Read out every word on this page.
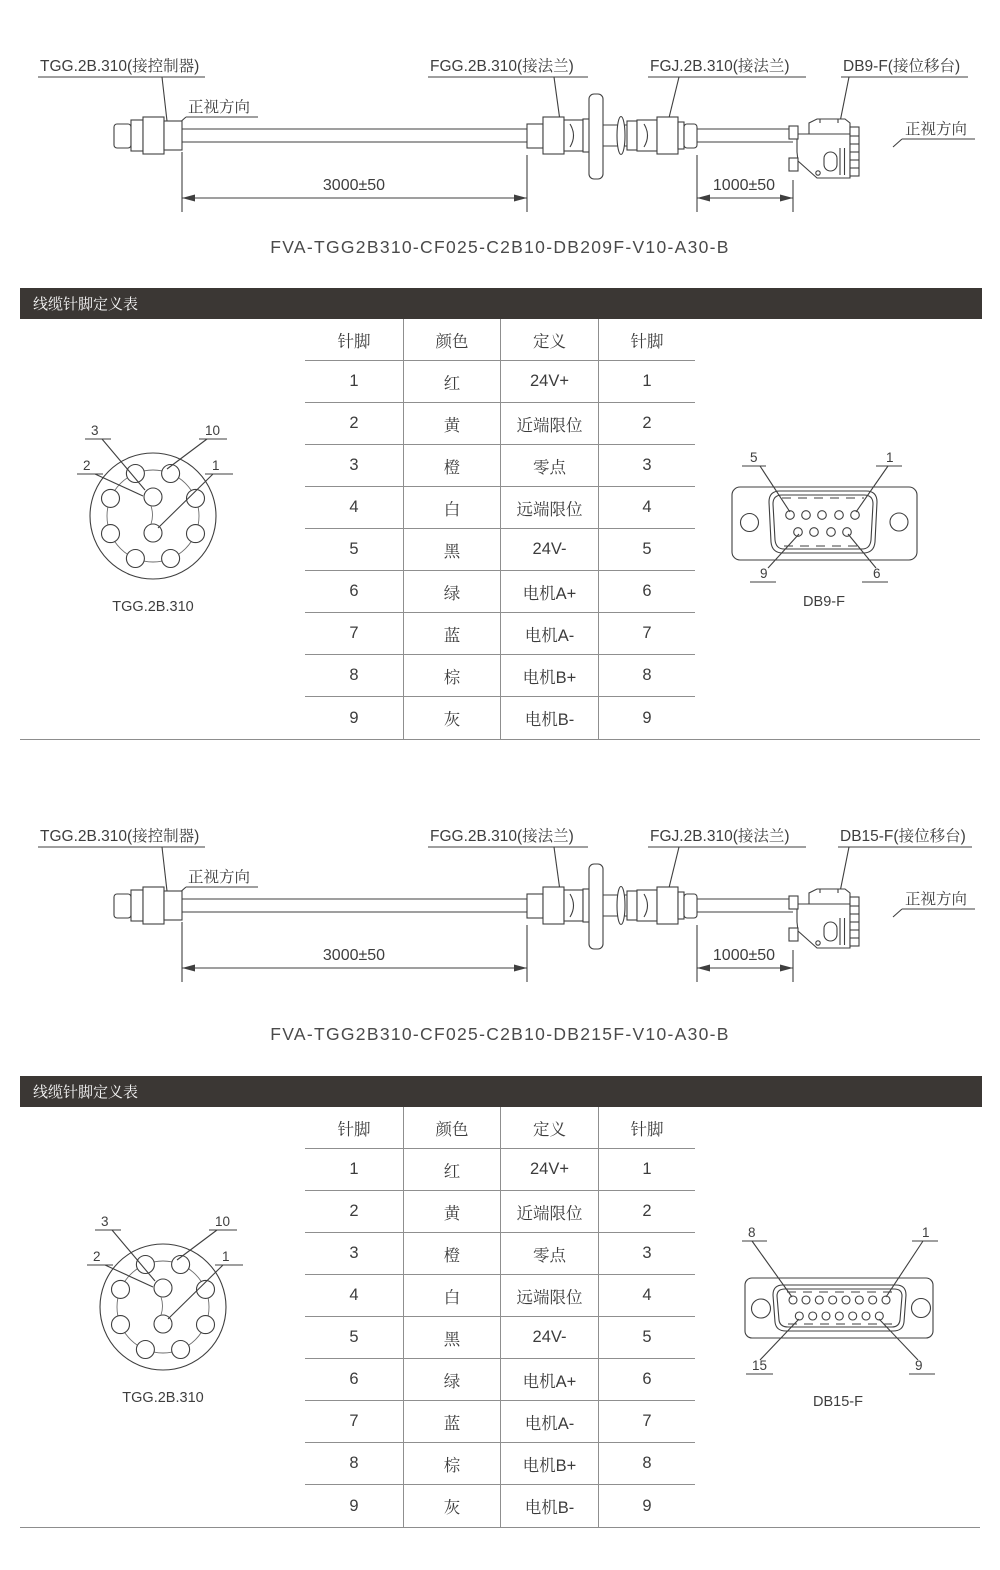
TGG.2B.310(接控制器)	FGG.2B.310(接法兰)	FGJ.2B.310(接法兰)	DB9-F(接位移台)
正视方向
正视方向
3000±50	1000±50
FVA-TGG2B310-CF025-C2B10-DB209F-V10-A30-B
线缆针脚定义表
针脚	颜色	定义	针脚
1	红	24V+	1
2	黄	近端限位	2
3	橙	零点	3
4	白	远端限位	4
5	黑	24V-	5
6	绿	电机A+	6
7	蓝	电机A-	7
8	棕	电机B+	8
9	灰	电机B-	9
3	10
2	1
TGG.2B.310
5	1
9	6
DB9-F
TGG.2B.310(接控制器)	FGG.2B.310(接法兰)	FGJ.2B.310(接法兰)	DB15-F(接位移台)
正视方向
正视方向
3000±50	1000±50
FVA-TGG2B310-CF025-C2B10-DB215F-V10-A30-B
线缆针脚定义表
针脚	颜色	定义	针脚
1	红	24V+	1
2	黄	近端限位	2
3	橙	零点	3
4	白	远端限位	4
5	黑	24V-	5
6	绿	电机A+	6
7	蓝	电机A-	7
8	棕	电机B+	8
9	灰	电机B-	9
3	10
2	1
TGG.2B.310
8	1
15	9
DB15-F
